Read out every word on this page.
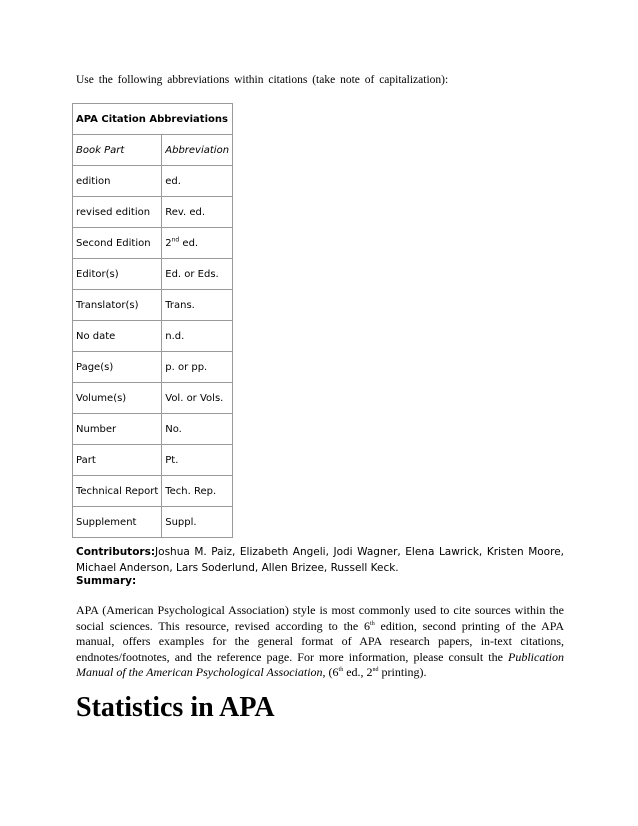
Use the following abbreviations within citations (take note of capitalization):
APA Citation Abbreviations	
Book Part	Abbreviation
edition	ed.
revised edition	Rev. ed.
Second Edition	2nd ed.
Editor(s)	Ed. or Eds.
Translator(s)	Trans.
No date	n.d.
Page(s)	p. or pp.
Volume(s)	Vol. or Vols.
Number	No.
Part	Pt.
Technical Report	Tech. Rep.
Supplement	Suppl.
Contributors:Joshua M. Paiz, Elizabeth Angeli, Jodi Wagner, Elena Lawrick, Kristen Moore, Michael Anderson, Lars Soderlund, Allen Brizee, Russell Keck.
Summary:
APA (American Psychological Association) style is most commonly used to cite sources within the social sciences. This resource, revised according to the 6th edition, second printing of the APA manual, offers examples for the general format of APA research papers, in-text citations, endnotes/footnotes, and the reference page. For more information, please consult the Publication Manual of the American Psychological Association, (6th ed., 2nd printing).
Statistics in APA
